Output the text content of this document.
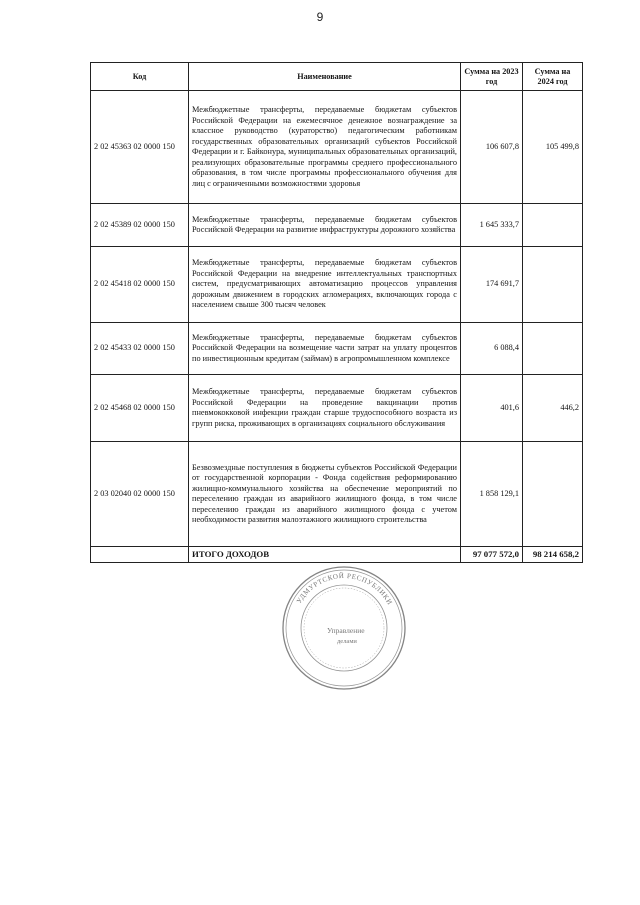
9
Код	Наименование	Сумма на 2023 год	Сумма на 2024 год
2 02 45363 02 0000 150	Межбюджетные трансферты, передаваемые бюджетам субъектов Российской Федерации на ежемесячное денежное вознаграждение за классное руководство (кураторство) педагогическим работникам государственных образовательных организаций субъектов Российской Федерации и г. Байконура, муниципальных образовательных организаций, реализующих образовательные программы среднего профессионального образования, в том числе программы профессионального обучения для лиц с ограниченными возможностями здоровья	106 607,8	105 499,8
2 02 45389 02 0000 150	Межбюджетные трансферты, передаваемые бюджетам субъектов Российской Федерации на развитие инфраструктуры дорожного хозяйства	1 645 333,7	
2 02 45418 02 0000 150	Межбюджетные трансферты, передаваемые бюджетам субъектов Российской Федерации на внедрение интеллектуальных транспортных систем, предусматривающих автоматизацию процессов управления дорожным движением в городских агломерациях, включающих города с населением свыше 300 тысяч человек	174 691,7	
2 02 45433 02 0000 150	Межбюджетные трансферты, передаваемые бюджетам субъектов Российской Федерации на возмещение части затрат на уплату процентов по инвестиционным кредитам (займам) в агропромышленном комплексе	6 088,4	
2 02 45468 02 0000 150	Межбюджетные трансферты, передаваемые бюджетам субъектов Российской Федерации на проведение вакцинации против пневмококковой инфекции граждан старше трудоспособного возраста из групп риска, проживающих в организациях социального обслуживания	401,6	446,2
2 03 02040 02 0000 150	Безвозмездные поступления в бюджеты субъектов Российской Федерации от государственной корпорации - Фонда содействия реформированию жилищно-коммунального хозяйства на обеспечение мероприятий по переселению граждан из аварийного жилищного фонда, в том числе переселению граждан из аварийного жилищного фонда с учетом необходимости развития малоэтажного жилищного строительства	1 858 129,1	
	ИТОГО ДОХОДОВ	97 077 572,0	98 214 658,2
УДМУРТСКОЙ РЕСПУБЛИКИ
Управление
делами
